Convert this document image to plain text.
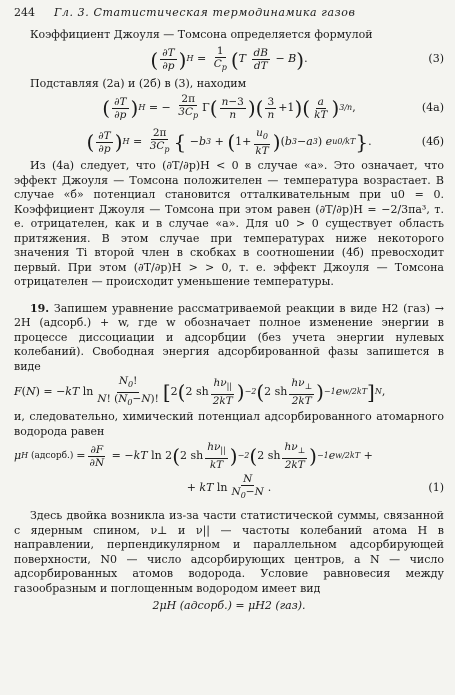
244	Гл. 3. Статистическая термодинамика газов

Коэффициент Джоуля — Томсона определяется формулой

( $\frac{\partial T}{\partial p}$ ) $H = \frac{1}{C_p}$ ( T $\frac{dB}{dT} - B$ ) .	(3)

Подставляя (2а) и (2б) в (3), находим

( $\frac{\partial T}{\partial p}$ ) H = − $\frac{2\pi}{3C_p}$ Γ ( $\frac{n-3}{n}$ ) ( $\frac{3}{n} +1$ ) ( $\frac{a}{kT}$ ) 3/n ,	(4а)
( $\frac{\partial T}{\partial p}$ ) $H = \frac{2\pi}{3C_p}$ { − b 3 + ( $1+ \frac{u_0}{kT}$ ) ( b 3 − a 3 ) e u0/kT } .	(4б)

Из (4а) следует, что (∂T/∂p)H < 0 в случае «а». Это означает, что эффект Джоуля — Томсона положителен — температура возрастает. В случае «б» потенциал становится отталкивательным при u0 = 0. Коэффициент Джоуля — Томсона при этом равен (∂T/∂p)H = −2/3πa³, т. е. отрицателен, как и в случае «а». Для u0 > 0 существует область притяжения. В этом случае при температурах ниже некоторого значения Ti второй член в скобках в соотношении (4б) превосходит первый. При этом (∂T/∂p)H > > 0, т. е. эффект Джоуля — Томсона отрицателен — происходит уменьшение температуры.

19. Запишем уравнение рассматриваемой реакции в виде H2 (газ) → 2H (адсорб.) + w, где w обозначает полное изменение энергии в процессе диссоциации и адсорбции (без учета энергии нулевых колебаний). Свободная энергия адсорбированной фазы запишется в виде

F ( N ) = − kT $\ln \frac{N_0!}{N! (N_0-N)!}$ [ 2 ( 2 sh $\frac{h\nu_{||}}{2kT}$ ) −2 ( 2 sh $\frac{h\nu_\perp}{2kT}$ ) −1 e w/2kT ] N ,

и, следовательно, химический потенциал адсорбированного атомарного водорода равен

μ H (адсорб.) = $\frac{\partial F}{\partial N}$ = − kT ln 2 ( 2 sh $\frac{h\nu_{||}}{kT}$ ) −2 ( 2 sh $\frac{h\nu_\perp}{2kT}$ ) −1 e w/2kT +
+ kT $\ln \frac{N}{N_0-N}$ .	(1)

Здесь двойка возникла из-за части статистической суммы, связанной с ядерным спином, ν⊥ и ν|| — частоты колебаний атома H в направлении, перпендикулярном и параллельном адсорбирующей поверхности, N0 — число адсорбирующих центров, а N — число адсорбированных атомов водорода. Условие равновесия между газообразным и поглощенным водородом имеет вид

2μH (адсорб.) = μH2 (газ).
